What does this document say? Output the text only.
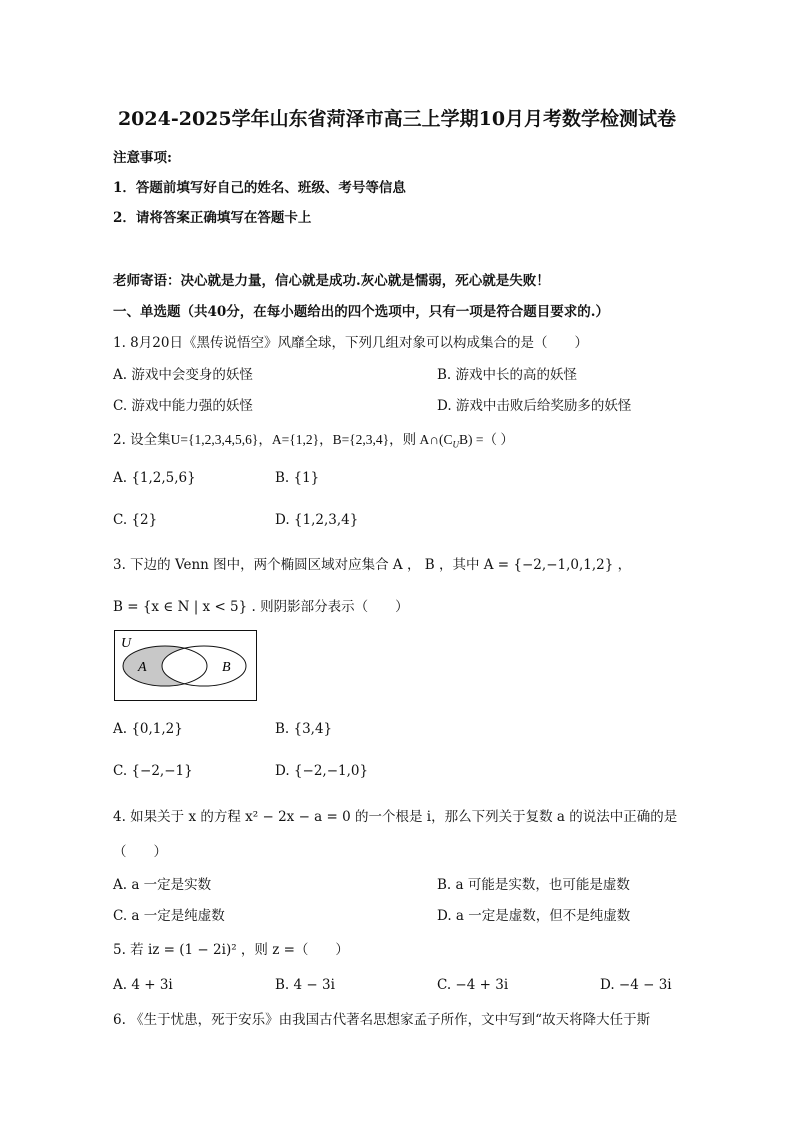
2024-2025学年山东省菏泽市高三上学期10月月考数学检测试卷
注意事项:
1．答题前填写好自己的姓名、班级、考号等信息
2．请将答案正确填写在答题卡上
老师寄语：决心就是力量，信心就是成功.灰心就是懦弱，死心就是失败！
一、单选题（共40分，在每小题给出的四个选项中，只有一项是符合题目要求的.）
1. 8月20日《黑传说悟空》风靡全球，下列几组对象可以构成集合的是（　　）
A. 游戏中会变身的妖怪	B. 游戏中长的高的妖怪
C. 游戏中能力强的妖怪	D. 游戏中击败后给奖励多的妖怪
2. 设全集U={1,2,3,4,5,6}，A={1,2}，B={2,3,4}，则 $A\cap(C_UB)$ =（ ）
A. {1,2,5,6}	B. {1}
C. {2}	D. {1,2,3,4}
3. 下边的 Venn 图中，两个椭圆区域对应集合 A ， B ，其中 A = {−2,−1,0,1,2} ，
B = {x ∈ N | x < 5} . 则阴影部分表示（　　）
U
A	B
A. {0,1,2}	B. {3,4}
C. {−2,−1}	D. {−2,−1,0}
4. 如果关于 x 的方程 x² − 2x − a = 0 的一个根是 i，那么下列关于复数 a 的说法中正确的是
（　　）
A. a 一定是实数	B. a 可能是实数，也可能是虚数
C. a 一定是纯虚数	D. a 一定是虚数，但不是纯虚数
5. 若 iz = (1 − 2i)² ，则 z =（　　）
A. 4 + 3i	B. 4 − 3i	C. −4 + 3i	D. −4 − 3i
6. 《生于忧患，死于安乐》由我国古代著名思想家孟子所作，文中写到“故天将降大任于斯
